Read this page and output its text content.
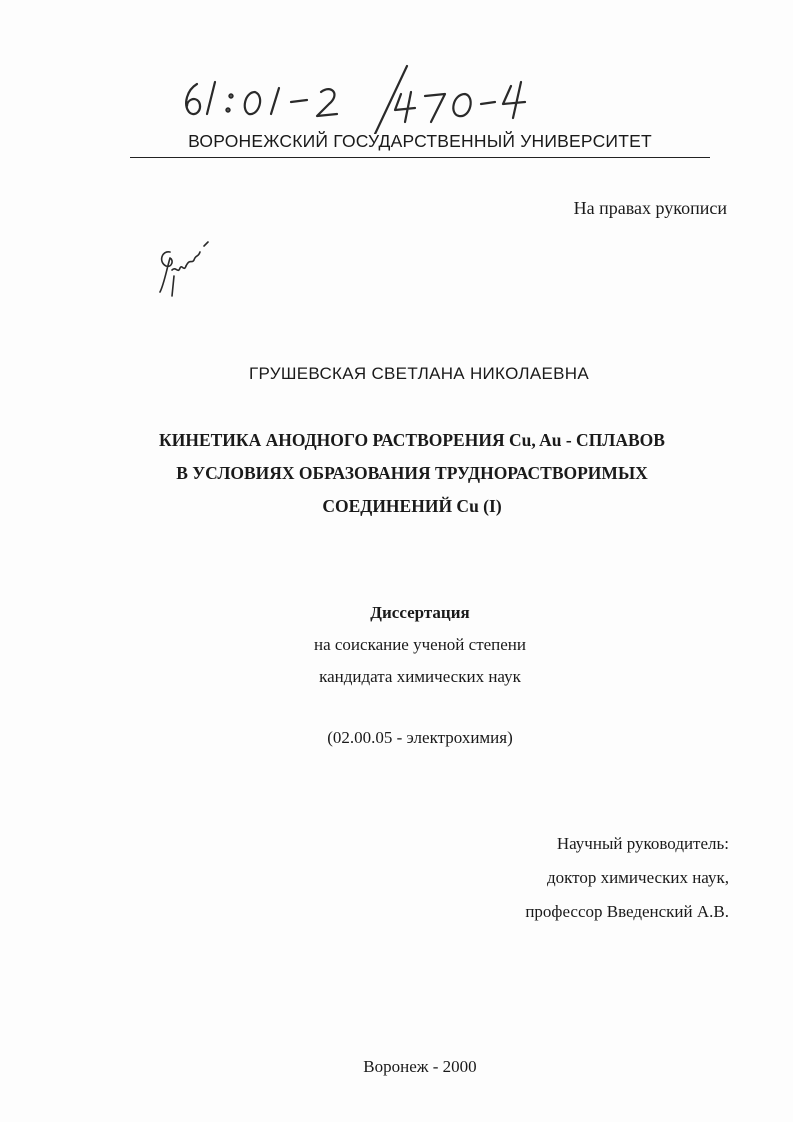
ВОРОНЕЖСКИЙ ГОСУДАРСТВЕННЫЙ УНИВЕРСИТЕТ
На правах рукописи
ГРУШЕВСКАЯ СВЕТЛАНА НИКОЛАЕВНА
КИНЕТИКА АНОДНОГО РАСТВОРЕНИЯ Cu, Au - СПЛАВОВ
В УСЛОВИЯХ ОБРАЗОВАНИЯ ТРУДНОРАСТВОРИМЫХ
СОЕДИНЕНИЙ Cu (I)
Диссертация
на соискание ученой степени
кандидата химических наук
(02.00.05 - электрохимия)
Научный руководитель:
доктор химических наук,
профессор Введенский А.В.
Воронеж - 2000
